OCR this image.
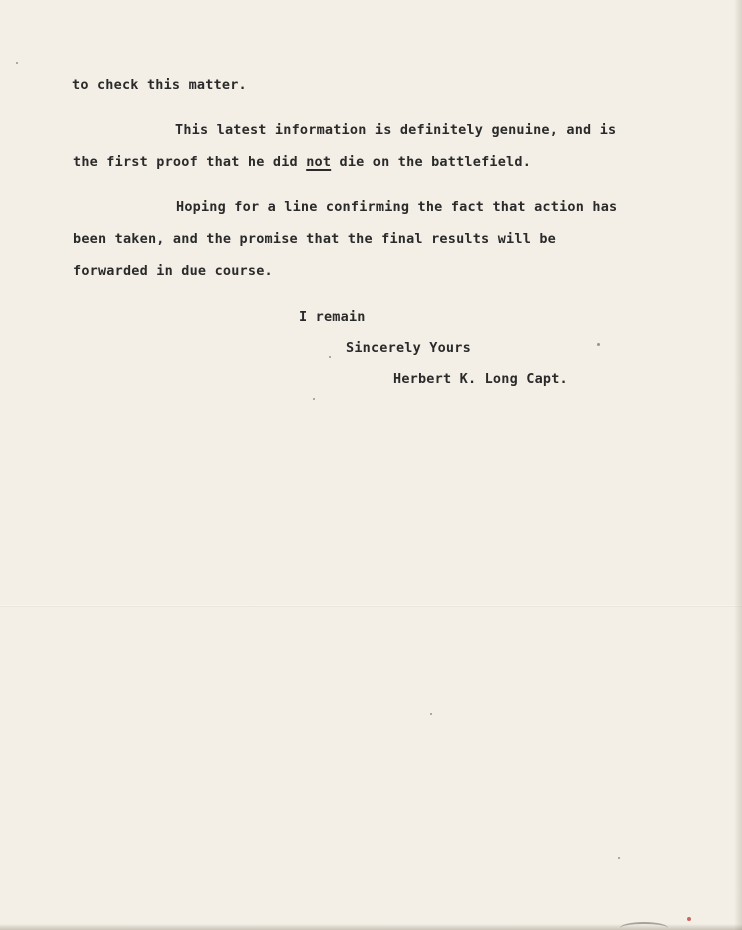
to check this matter.
This latest information is definitely genuine, and is
the first proof that he did not die on the battlefield.
Hoping for a line confirming the fact that action has
been taken, and the promise that the final results will be
forwarded in due course.
I remain
Sincerely Yours
Herbert K. Long Capt.
